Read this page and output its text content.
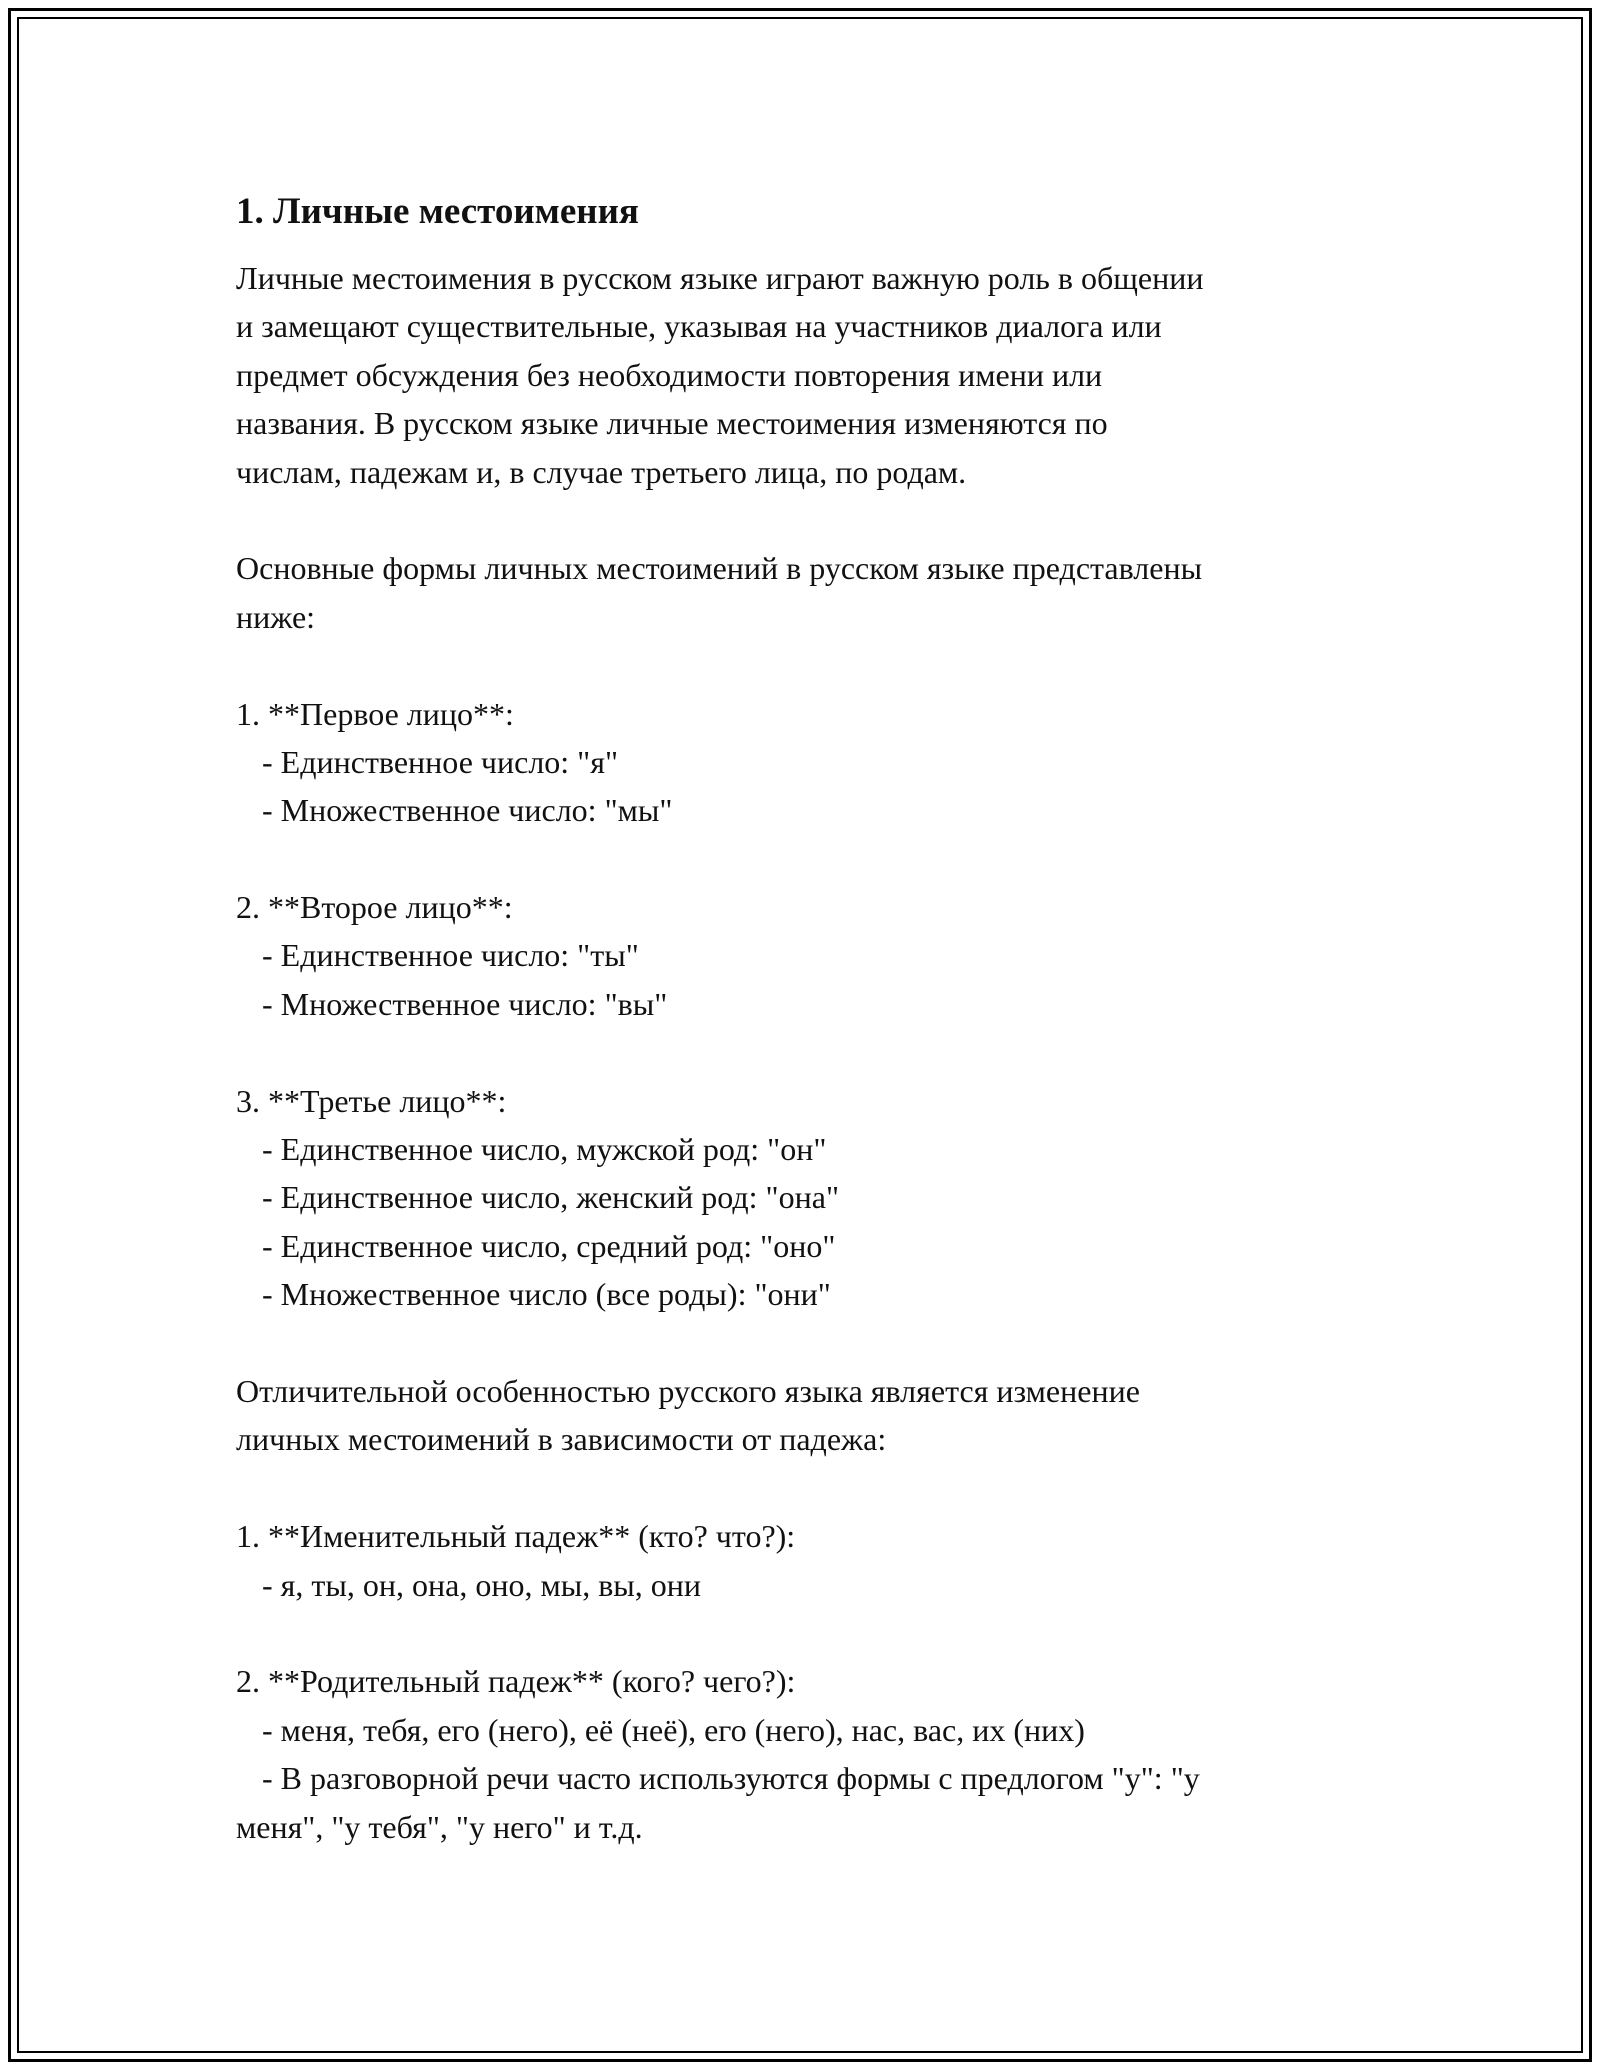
1. Личные местоимения
Личные местоимения в русском языке играют важную роль в общении
и замещают существительные, указывая на участников диалога или
предмет обсуждения без необходимости повторения имени или
названия. В русском языке личные местоимения изменяются по
числам, падежам и, в случае третьего лица, по родам.
Основные формы личных местоимений в русском языке представлены
ниже:
1. **Первое лицо**:
- Единственное число: "я"
- Множественное число: "мы"
2. **Второе лицо**:
- Единственное число: "ты"
- Множественное число: "вы"
3. **Третье лицо**:
- Единственное число, мужской род: "он"
- Единственное число, женский род: "она"
- Единственное число, средний род: "оно"
- Множественное число (все роды): "они"
Отличительной особенностью русского языка является изменение
личных местоимений в зависимости от падежа:
1. **Именительный падеж** (кто? что?):
- я, ты, он, она, оно, мы, вы, они
2. **Родительный падеж** (кого? чего?):
- меня, тебя, его (него), её (неё), его (него), нас, вас, их (них)
- В разговорной речи часто используются формы с предлогом "у": "у
меня", "у тебя", "у него" и т.д.
